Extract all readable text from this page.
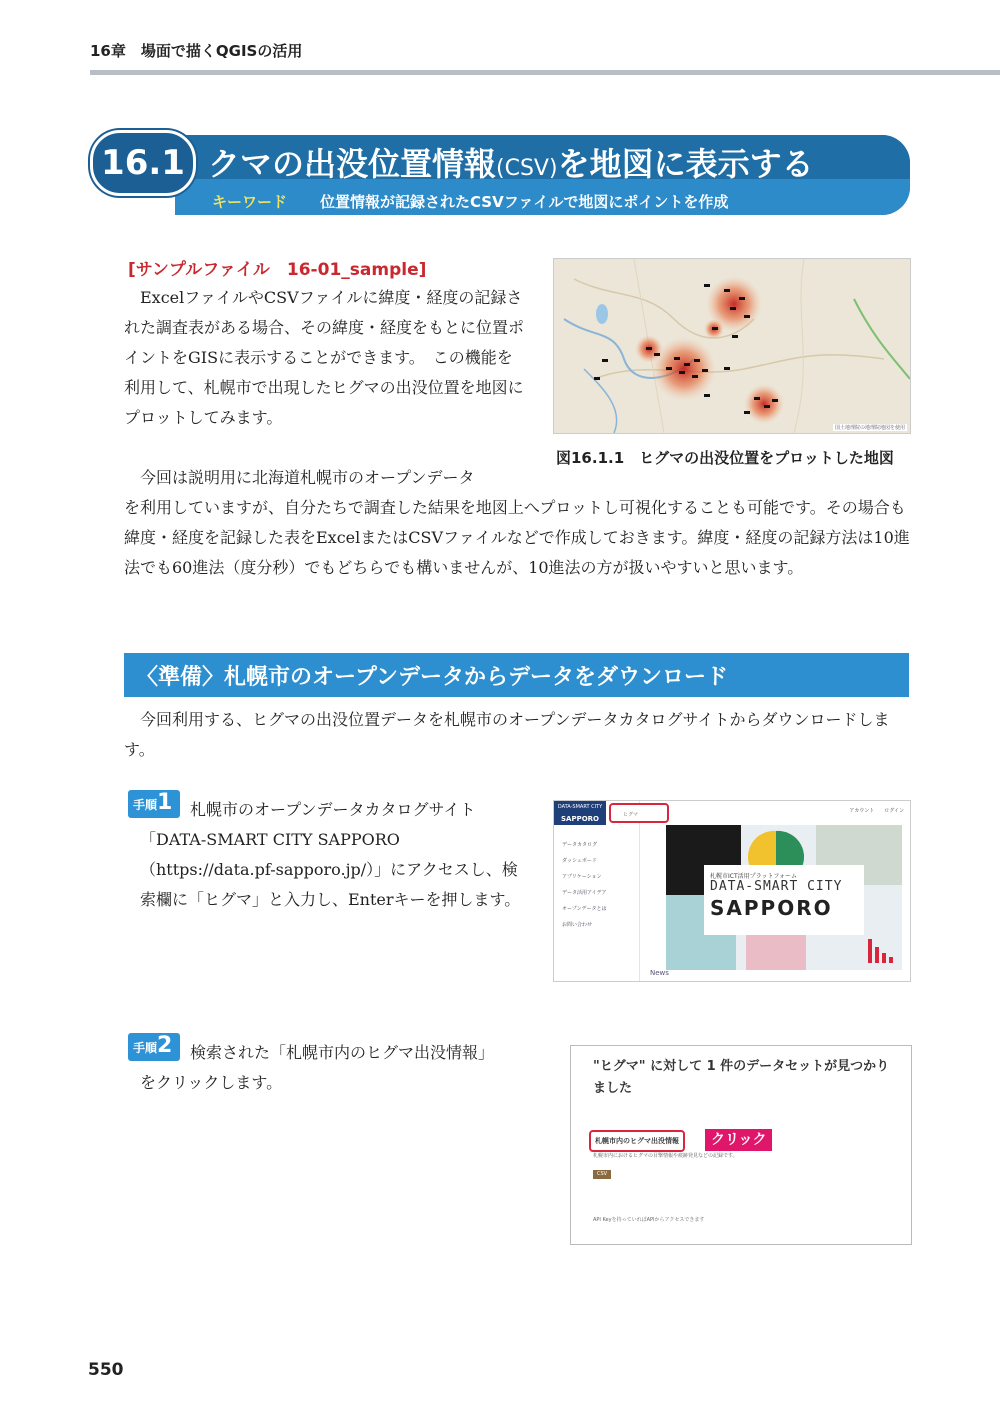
16章　場面で描くQGISの活用
16.1 クマの出没位置情報(CSV)を地図に表示する
キーワード 位置情報が記録されたCSVファイルで地図にポイントを作成
[サンプルファイル　16-01_sample]
　ExcelファイルやCSVファイルに緯度・経度の記録された調査表がある場合、その緯度・経度をもとに位置ポイントをGISに表示することができます。　この機能を利用して、札幌市で出現したヒグマの出没位置を地図にプロットしてみます。
　今回は説明用に北海道札幌市のオープンデータ
を利用していますが、自分たちで調査した結果を地図上へプロットし可視化することも可能です。その場合も緯度・経度を記録した表をExcelまたはCSVファイルなどで作成しておきます。緯度・経度の記録方法は10進法でも60進法（度分秒）でもどちらでも構いませんが、10進法の方が扱いやすいと思います。
国土地理院の地理院地図を使用
図16.1.1　 ヒグマの出没位置をプロットした地図
〈準備〉札幌市のオープンデータからデータをダウンロード
　今回利用する、ヒグマの出没位置データを札幌市のオープンデータカタログサイトからダウンロードします。
手順 1 札幌市のオープンデータカタログサイト
「DATA-SMART CITY SAPPORO（https://data.pf-sapporo.jp/）」にアクセスし、検索欄に「ヒグマ」と入力し、Enterキーを押します。
DATA-SMART CITY
SAPPORO
データカタログ
ダッシュボード
アプリケーション
データ活用アイデア
オープンデータとは
お問い合わせ
ヒグマ
アカウント　　ログイン
札幌市ICT活用プラットフォーム
DATA-SMART CITY
SAPPORO
News
手順 2 検索された「札幌市内のヒグマ出没情報」
をクリックします。
"ヒグマ" に対して 1 件のデータセットが見つかりました
札幌市内のヒグマ出没情報	クリック
札幌市内におけるヒグマの目撃情報や痕跡発見などの記録です。
CSV
API Keyを持っていればAPIからアクセスできます
550
